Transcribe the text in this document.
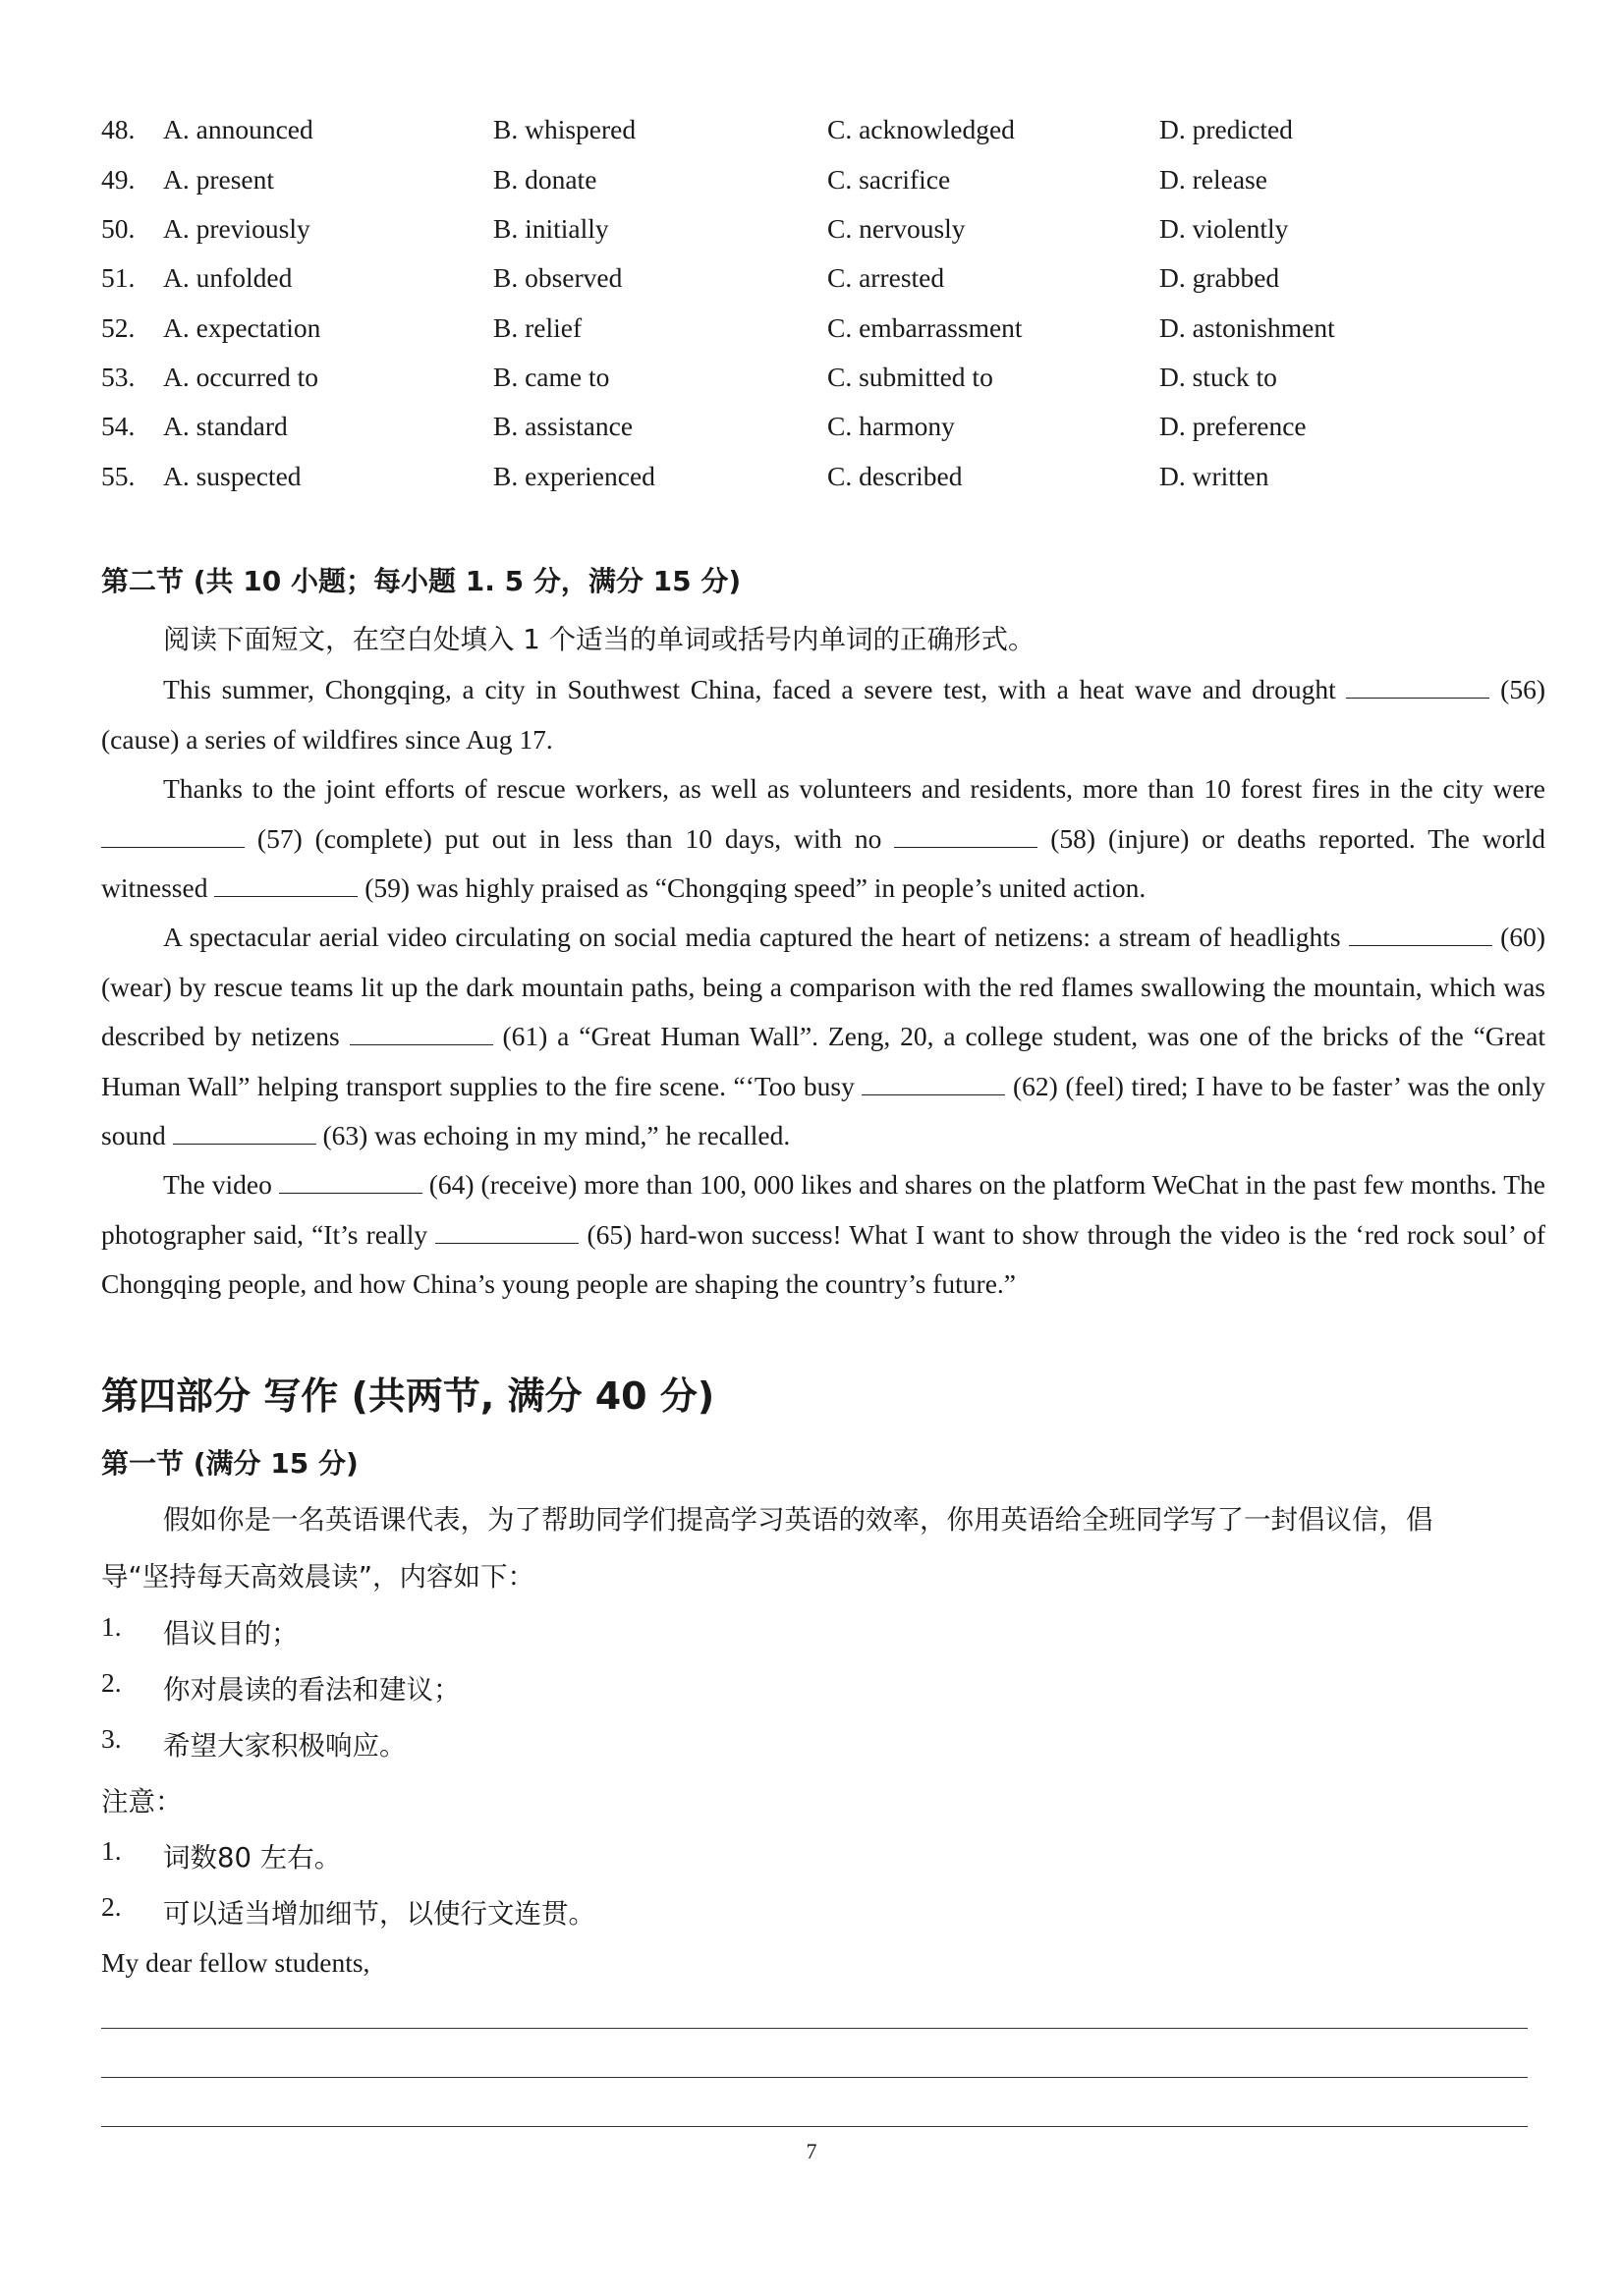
48. A. announced	B. whispered	C. acknowledged	D. predicted
49. A. present	B. donate	C. sacrifice	D. release
50. A. previously	B. initially	C. nervously	D. violently
51. A. unfolded	B. observed	C. arrested	D. grabbed
52. A. expectation	B. relief	C. embarrassment	D. astonishment
53. A. occurred to	B. came to	C. submitted to	D. stuck to
54. A. standard	B. assistance	C. harmony	D. preference
55. A. suspected	B. experienced	C. described	D. written
第二节 (共 10 小题；每小题 1. 5 分，满分 15 分)
阅读下面短文，在空白处填入 1 个适当的单词或括号内单词的正确形式。
This summer, Chongqing, a city in Southwest China, faced a severe test, with a heat wave and drought	(56) (cause) a series of wildfires since Aug 17.
Thanks to the joint efforts of rescue workers, as well as volunteers and residents, more than 10 forest fires in the city were  (57) (complete) put out in less than 10 days, with no	(58) (injure) or deaths reported. The world witnessed	(59) was highly praised as “Chongqing speed” in people’s united action.
A spectacular aerial video circulating on social media captured the heart of netizens: a stream of headlights	(60) (wear) by rescue teams lit up the dark mountain paths, being a comparison with the red flames swallowing the mountain, which was described by netizens	(61) a “Great Human Wall”. Zeng, 20, a college student, was one of the bricks of the “Great Human Wall” helping transport supplies to the fire scene. “‘Too busy	(62) (feel) tired; I have to be faster’ was the only sound	(63) was echoing in my mind,” he recalled.
The video	(64) (receive) more than 100, 000 likes and shares on the platform WeChat in the past few months. The photographer said, “It’s really	(65) hard-won success! What I want to show through the video is the ‘red rock soul’ of Chongqing people, and how China’s young people are shaping the country’s future.”
第四部分 写作 (共两节, 满分 40 分)
第一节 (满分 15 分)
假如你是一名英语课代表，为了帮助同学们提高学习英语的效率，你用英语给全班同学写了一封倡议信，倡
导“坚持每天高效晨读”，内容如下：
1. 倡议目的；
2. 你对晨读的看法和建议；
3. 希望大家积极响应。
注意：
1. 词数80 左右。
2. 可以适当增加细节，以使行文连贯。
My dear fellow students,
7
